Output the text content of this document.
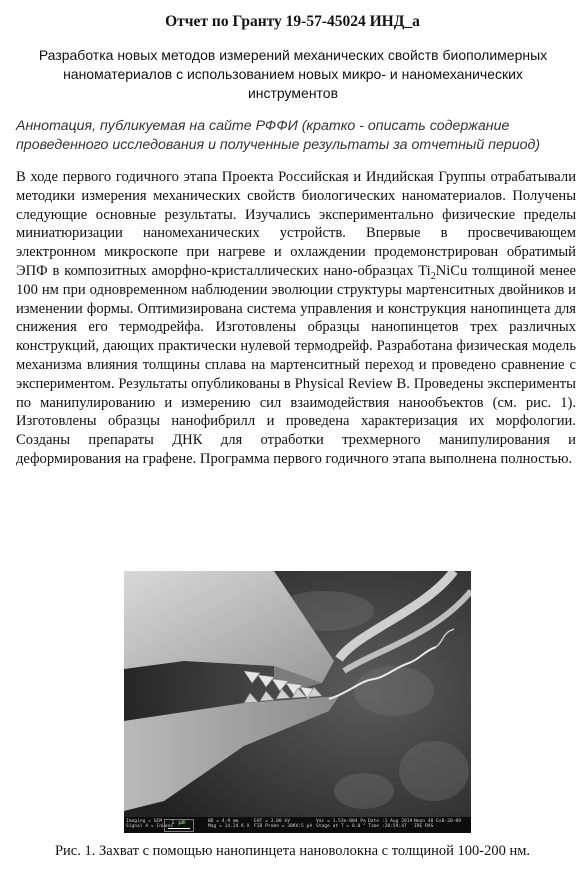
Отчет по Гранту 19-57-45024 ИНД_а
Разработка новых методов измерений механических свойств биополимерных
наноматериалов с использованием новых микро- и наномеханических
инструментов
Аннотация, публикуемая на сайте РФФИ (кратко - описать содержание
проведенного исследования и полученные результаты за отчетный период)
В ходе первого годичного этапа Проекта Российская и Индийская Группы отрабатывали методики измерения механических свойств биологических наноматериалов. Получены следующие основные результаты. Изучались экспериментально физические пределы миниатюризации наномеханических устройств. Впервые в просвечивающем электронном микроскопе при нагреве и охлаждении продемонстрирован обратимый ЭПФ в композитных аморфно-кристаллических нано-образцах $Ti_2NiCu$ толщиной менее 100 нм при одновременном наблюдении эволюции структуры мартенситных двойников и изменении формы. Оптимизирована система управления и конструкция нанопинцета для снижения его термодрейфа. Изготовлены образцы нанопинцетов трех различных конструкций, дающих практически нулевой термодрейф. Разработана физическая модель механизма влияния толщины сплава на мартенситный переход и проведено сравнение с экспериментом. Результаты опубликованы в Physical Review B. Проведены эксперименты по манипулированию и измерению сил взаимодействия нанообъектов (см. рис. 1). Изготовлены образцы нанофибрилл и проведена характеризация их морфологии. Созданы препараты ДНК для отработки трехмерного манипулирования и деформирования на графене. Программа первого годичного этапа выполнена полностью.
1 µm
Imaging = SEM
Signal A = InLens
WD = 4.9 mm
Mag = 14.24 K X
EHT = 3.00 kV
FIB Probe = 30KV:5 pA
Vac = 1.53e-004 Pa
Stage at T = 0.0 °
Date :1 Aug 2019
Time :20:59:47
Neon 40 EsB-20-09
IRE RAS
Рис. 1. Захват с помощью нанопинцета нановолокна с толщиной 100-200 нм.
